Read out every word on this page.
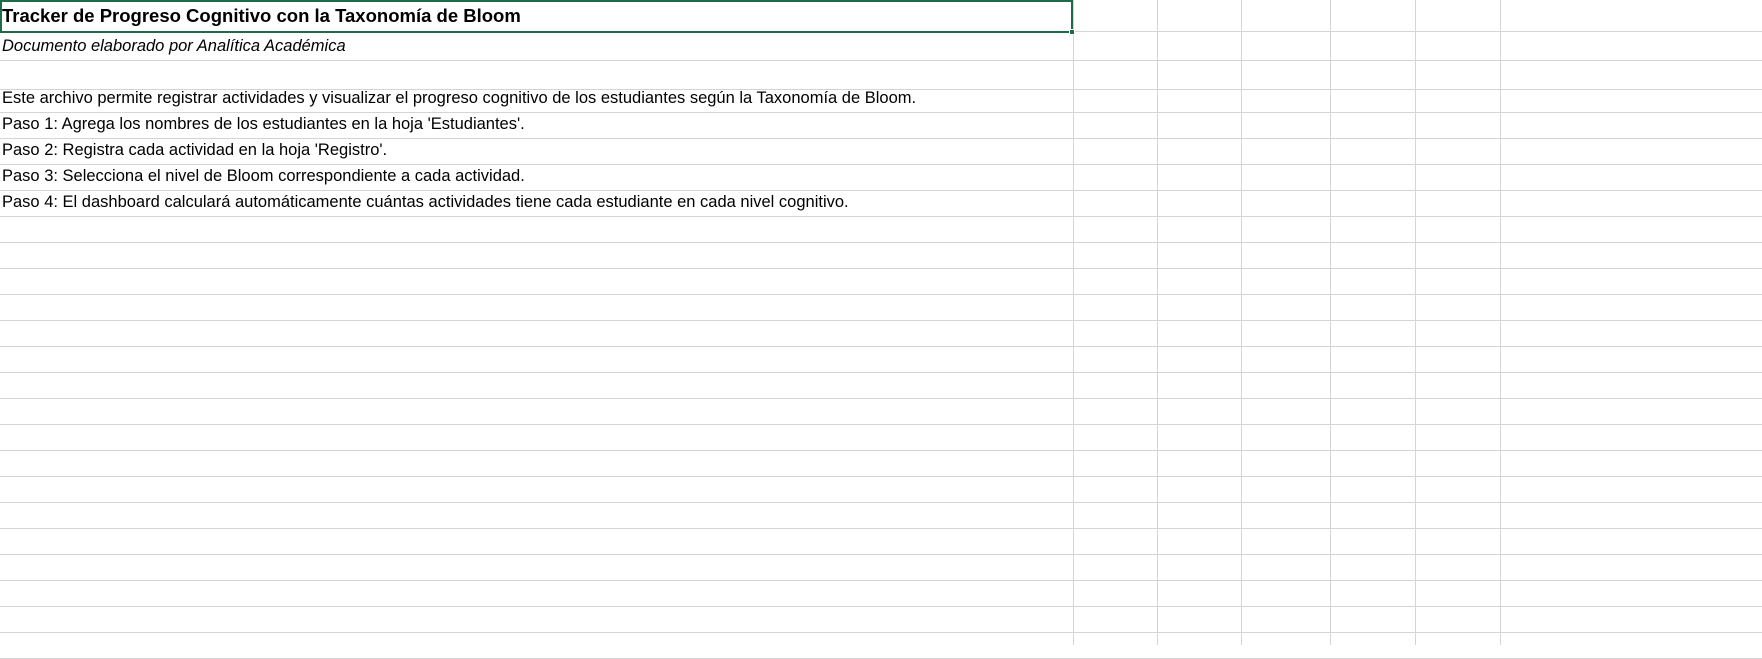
Tracker de Progreso Cognitivo con la Taxonomía de Bloom
Documento elaborado por Analítica Académica
Este archivo permite registrar actividades y visualizar el progreso cognitivo de los estudiantes según la Taxonomía de Bloom.
Paso 1: Agrega los nombres de los estudiantes en la hoja 'Estudiantes'.
Paso 2: Registra cada actividad en la hoja 'Registro'.
Paso 3: Selecciona el nivel de Bloom correspondiente a cada actividad.
Paso 4: El dashboard calculará automáticamente cuántas actividades tiene cada estudiante en cada nivel cognitivo.
